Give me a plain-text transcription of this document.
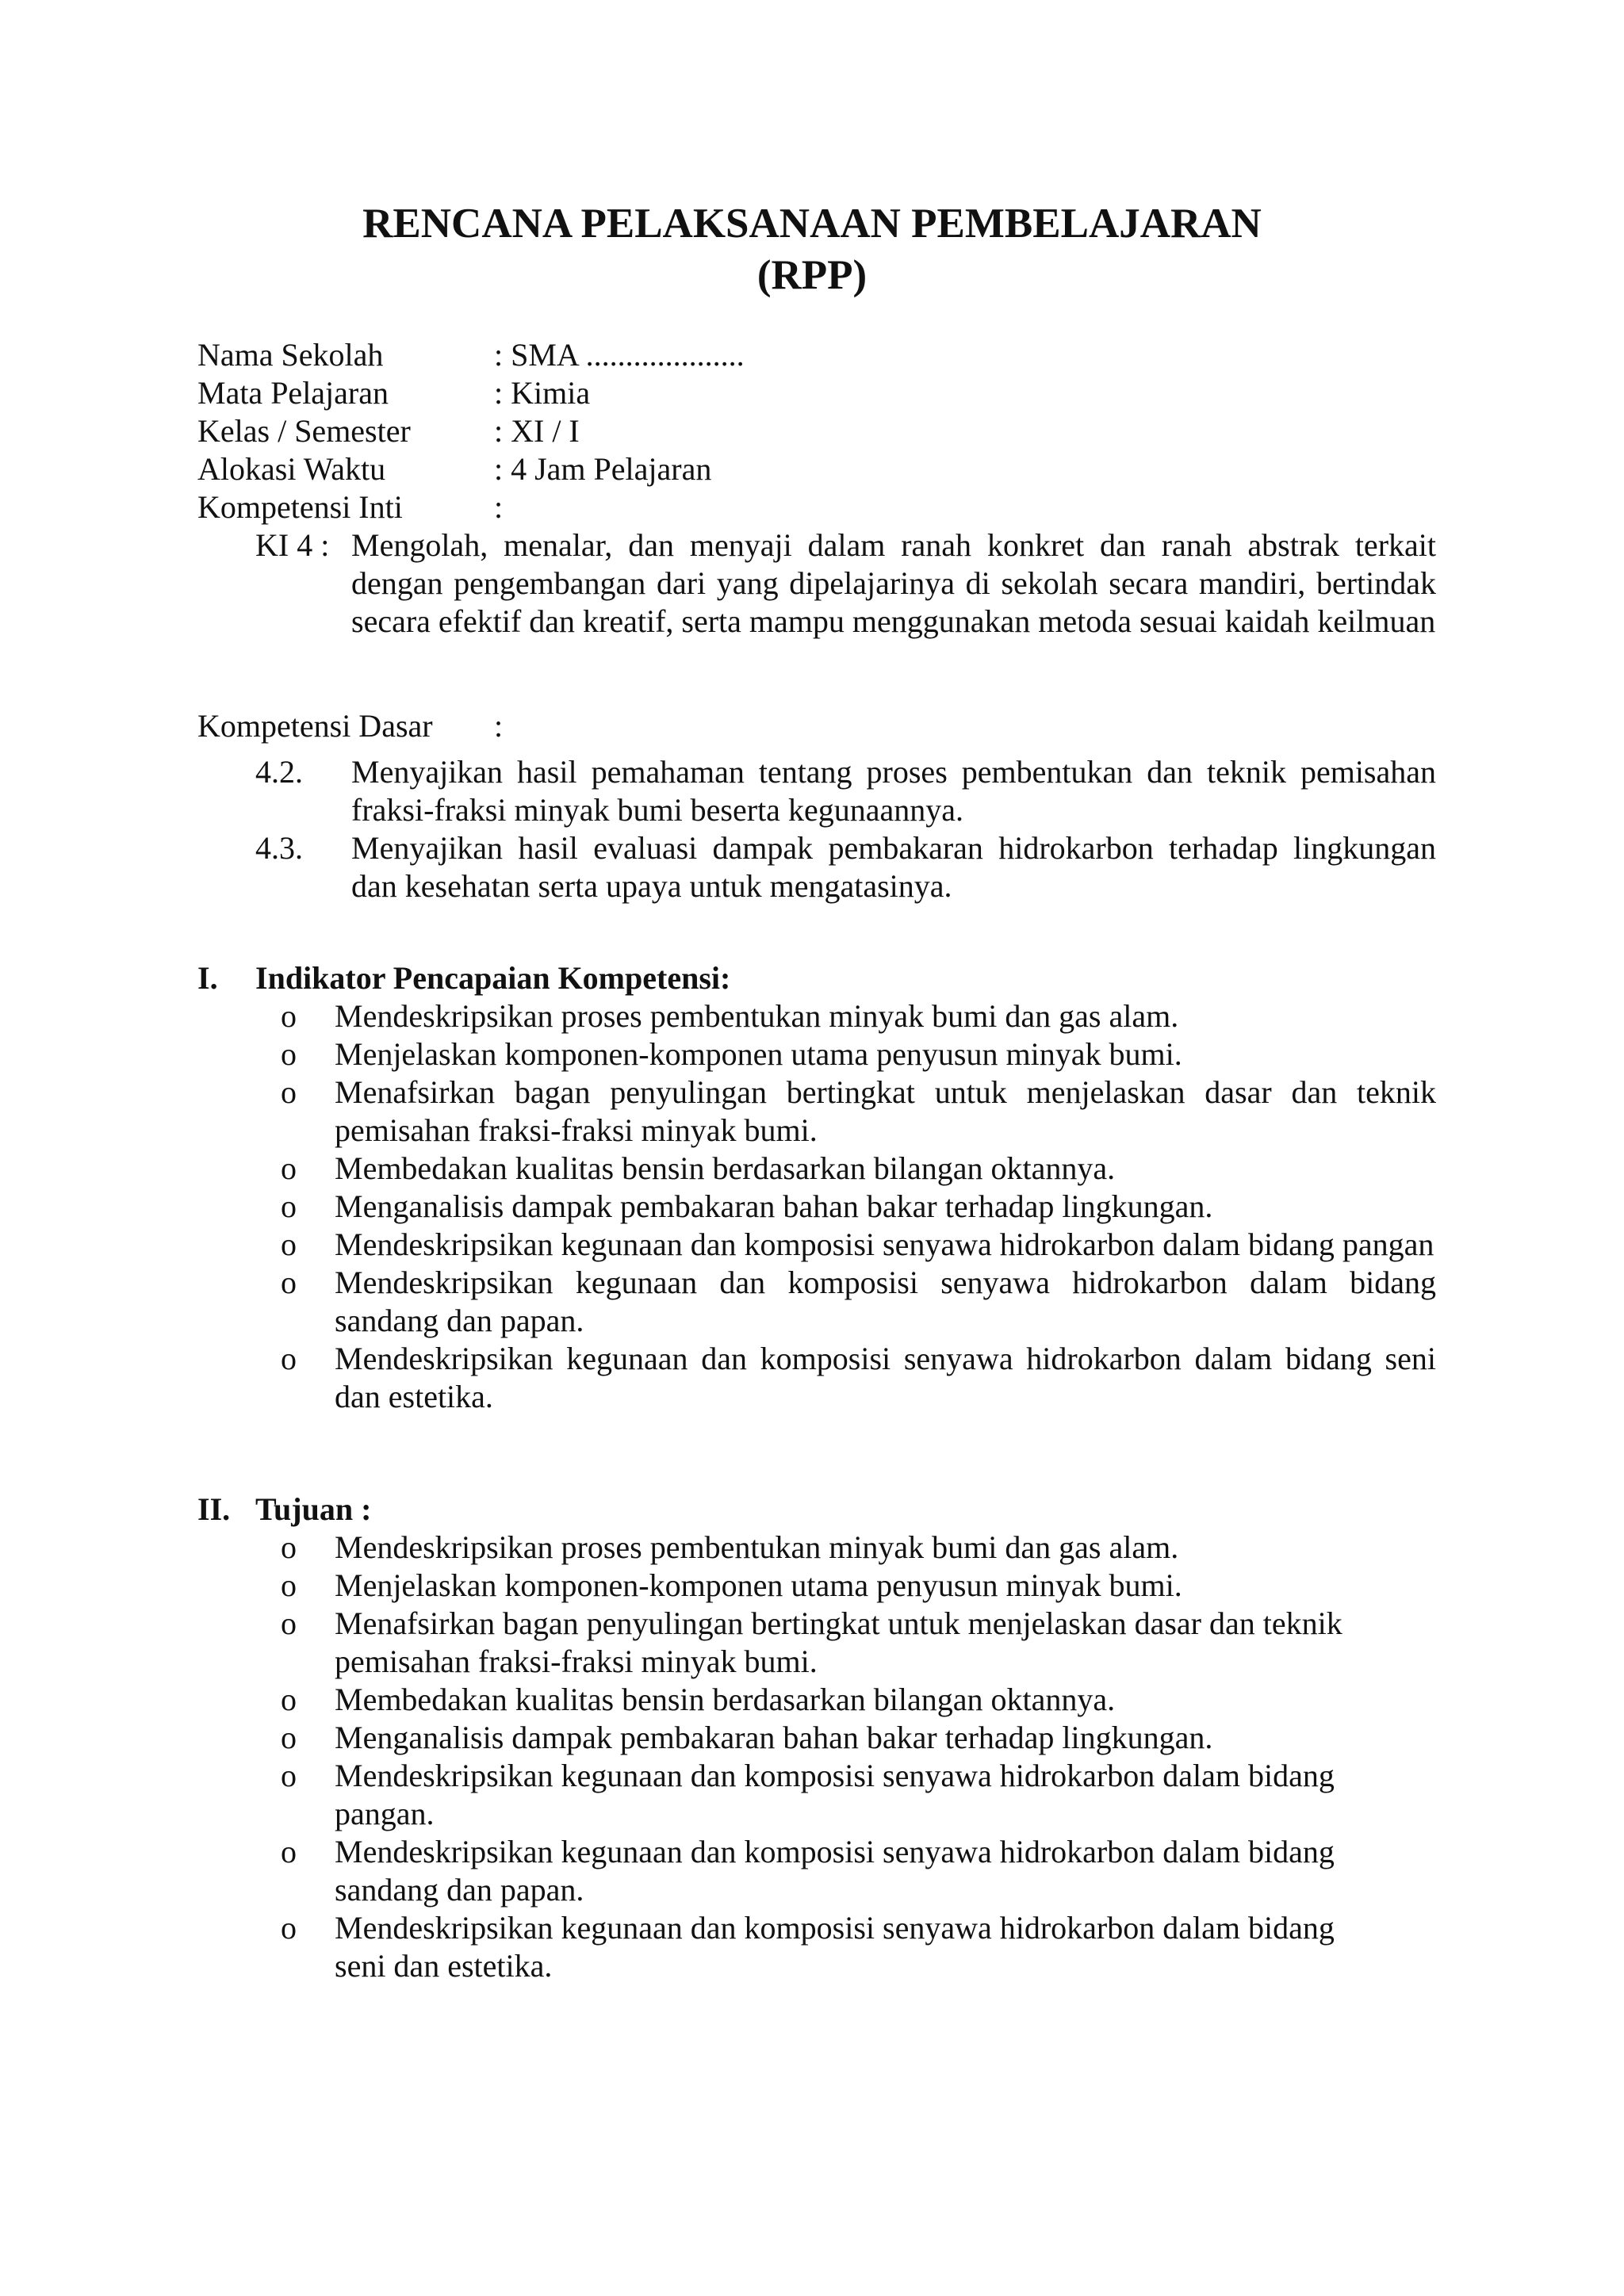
RENCANA PELAKSANAAN PEMBELAJARAN
(RPP)
Nama Sekolah	: SMA ....................
Mata Pelajaran	: Kimia
Kelas / Semester	: XI / I
Alokasi Waktu	: 4 Jam Pelajaran
Kompetensi Inti	:
KI 4 : Mengolah, menalar, dan menyaji dalam ranah konkret dan ranah abstrak terkait dengan pengembangan dari yang dipelajarinya di sekolah secara mandiri, bertindak secara efektif dan kreatif, serta mampu menggunakan metoda sesuai kaidah keilmuan
Kompetensi Dasar :
4.2. Menyajikan hasil pemahaman tentang proses pembentukan dan teknik pemisahan fraksi-fraksi minyak bumi beserta kegunaannya.
4.3. Menyajikan hasil evaluasi dampak pembakaran hidrokarbon terhadap lingkungan dan kesehatan serta upaya untuk mengatasinya.
I. Indikator Pencapaian Kompetensi:
o Mendeskripsikan proses pembentukan minyak bumi dan gas alam.
o Menjelaskan komponen-komponen utama penyusun minyak bumi.
o Menafsirkan bagan penyulingan bertingkat untuk menjelaskan dasar dan teknik pemisahan fraksi-fraksi minyak bumi.
o Membedakan kualitas bensin berdasarkan bilangan oktannya.
o Menganalisis dampak pembakaran bahan bakar terhadap lingkungan.
o Mendeskripsikan kegunaan dan komposisi senyawa hidrokarbon dalam bidang pangan
o Mendeskripsikan kegunaan dan komposisi senyawa hidrokarbon dalam bidang sandang dan papan.
o Mendeskripsikan kegunaan dan komposisi senyawa hidrokarbon dalam bidang seni dan estetika.
II. Tujuan :
o Mendeskripsikan proses pembentukan minyak bumi dan gas alam.
o Menjelaskan komponen-komponen utama penyusun minyak bumi.
o Menafsirkan bagan penyulingan bertingkat untuk menjelaskan dasar dan teknik pemisahan fraksi-fraksi minyak bumi.
o Membedakan kualitas bensin berdasarkan bilangan oktannya.
o Menganalisis dampak pembakaran bahan bakar terhadap lingkungan.
o Mendeskripsikan kegunaan dan komposisi senyawa hidrokarbon dalam bidang pangan.
o Mendeskripsikan kegunaan dan komposisi senyawa hidrokarbon dalam bidang sandang dan papan.
o Mendeskripsikan kegunaan dan komposisi senyawa hidrokarbon dalam bidang seni dan estetika.
